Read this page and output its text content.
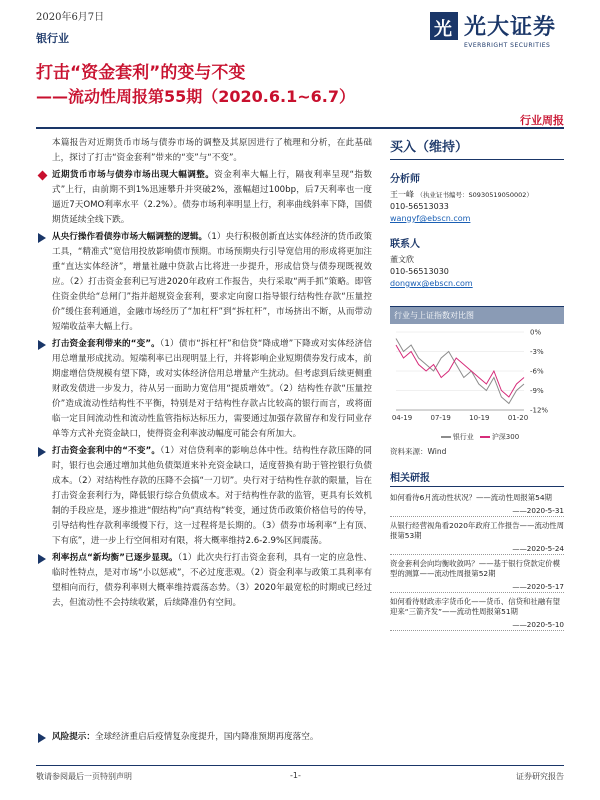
2020年6月7日
银行业	光 光大证券
EVERBRIGHT SECURITIES
打击“资金套利”的变与不变
——流动性周报第55期（2020.6.1~6.7）
行业周报
本篇报告对近期货币市场与债券市场的调整及其原因进行了梳理和分析，在此基础上，探讨了打击“资金套利”带来的“变”与“不变”。
近期货币市场与债券市场出现大幅调整。资金利率大幅上行，隔夜利率呈现“指数式”上行，由前期不到1%迅速攀升并突破2%，涨幅超过100bp，后7天利率也一度逼近7天OMO利率水平（2.2%）。债券市场利率明显上行，利率曲线斜率下降，国债期货延续全线下跌。
从央行操作看债券市场大幅调整的逻辑。（1）央行积极创新直达实体经济的货币政策工具，“精准式”宽信用投放影响债市预期。市场预期央行引导宽信用的形成将更加注重“直达实体经济”，增量社融中贷款占比将进一步提升，形成信贷与债券现既视效应。（2）打击资金套利已写进2020年政府工作报告，央行采取“两手抓”策略。即管住资金供给“总闸门”指并超规资金套利，要求定向窗口指导银行结构性存款“压量控价”缓住套利通道，金融市场经历了“加杠杆”到“拆杠杆”，市场挤出不断，从而带动短端收益率大幅上行。
打击资金套利带来的“变”。（1）债市“拆杠杆”和信贷“降成增”下降或对实体经济信用总增量形成扰动。短端利率已出现明显上行，并将影响企业短期债券发行成本，前期虚增信贷规模有望下降，或对实体经济信用总增量产生扰动。但考虑到后续更侧重财政发债进一步发力，待从另一面助力宽信用“提质增效”。（2）结构性存款“压量控价”造成流动性结构性不平衡，特别是对于结构性存款占比较高的银行而言，或将面临一定目间流动性和流动性监管指标达标压力，需要通过加强存款留存和发行同业存单等方式补充资金缺口，使得资金利率波动幅度可能会有所加大。
打击资金套利中的“不变”。（1）对信贷利率的影响总体中性。结构性存款压降的同时，银行也会通过增加其他负债渠道来补充资金缺口，适度替换有助于管控银行负债成本。（2）对结构性存款的压降不会搞“一刀切”。央行对于结构性存款的限量，旨在打击资金套利行为，降低银行综合负债成本。对于结构性存款的监管，更具有长效机制的手段应是，逐步推进“假结构”向“真结构”转变，通过货币政策价格信号的传导，引导结构性存款利率缓慢下行，这一过程将是长期的。（3）债券市场利率“上有顶、下有底”，进一步上行空间相对有限，将大概率维持2.6-2.9%区间震荡。
利率拐点“新均衡”已逐步显现。（1）此次央行打击资金套利，具有一定的应急性、临时性特点，是对市场“小以惩戒”，不必过度悲观。（2）资金利率与政策工具利率有望相向而行，债券利率则大概率维持震荡态势。（3）2020年最宽松的时期或已经过去，但流动性不会持续收紧，后续降准仍有空间。
风险提示：全球经济重启后疫情复杂度提升，国内降准预期再度落空。
买入（维持）
分析师
王一峰 （执业证书编号：S0930519050002）
010-56513033
wangyf@ebscn.com
联系人
董文欣
010-56513030
dongwx@ebscn.com
行业与上证指数对比图
0%
-3%
-6%
-9%
-12%
04-19	07-19	10-19	01-20
银行业	沪深300
资料来源：Wind
相关研报
如何看待6月流动性状况？——流动性周报第54期
——2020-5-31
从银行经营视角看2020年政府工作报告——流动性周报第53期
——2020-5-24
资金套利会向均衡收敛吗？——基于银行贷款定价模型的测算——流动性周报第52期
——2020-5-17
如何看待财政赤字货币化——货币、信贷和社融有望迎来“三箭齐发”——流动性周报第51期
——2020-5-10
敬请参阅最后一页特别声明	-1-	证券研究报告
